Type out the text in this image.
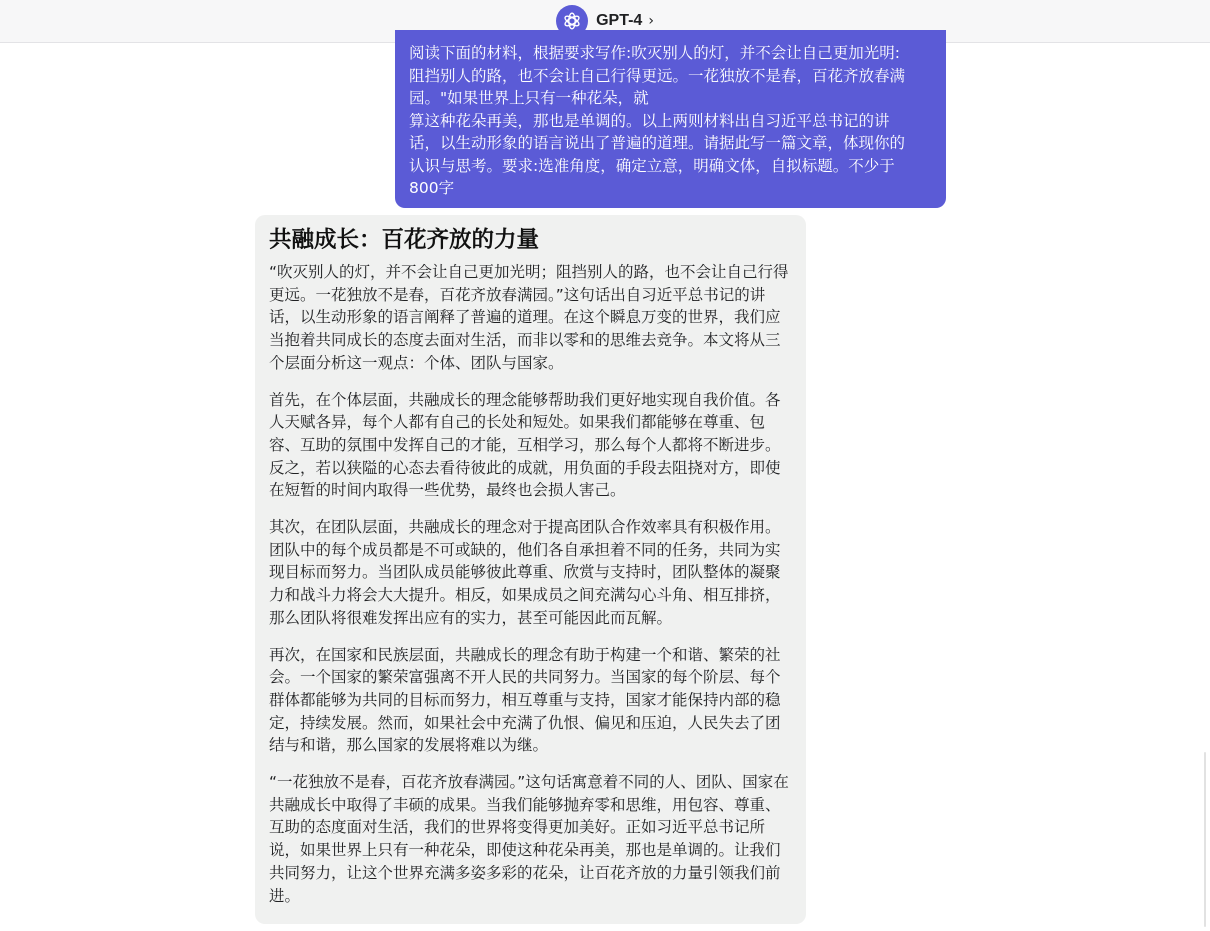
GPT-4 ›
阅读下面的材料，根据要求写作:吹灭别人的灯，并不会让自己更加光明:
阻挡别人的路，也不会让自己行得更远。一花独放不是春，百花齐放春满
园。"如果世界上只有一种花朵，就
算这种花朵再美，那也是单调的。以上两则材料出自习近平总书记的讲
话，以生动形象的语言说出了普遍的道理。请据此写一篇文章，体现你的
认识与思考。要求:选准角度，确定立意，明确文体，自拟标题。不少于
800字
共融成长：百花齐放的力量

“吹灭别人的灯，并不会让自己更加光明；阻挡别人的路，也不会让自己行得更远。一花独放不是春，百花齐放春满园。”这句话出自习近平总书记的讲话，以生动形象的语言阐释了普遍的道理。在这个瞬息万变的世界，我们应当抱着共同成长的态度去面对生活，而非以零和的思维去竞争。本文将从三个层面分析这一观点：个体、团队与国家。

首先，在个体层面，共融成长的理念能够帮助我们更好地实现自我价值。各人天赋各异，每个人都有自己的长处和短处。如果我们都能够在尊重、包容、互助的氛围中发挥自己的才能，互相学习，那么每个人都将不断进步。反之，若以狭隘的心态去看待彼此的成就，用负面的手段去阻挠对方，即使在短暂的时间内取得一些优势，最终也会损人害己。

其次，在团队层面，共融成长的理念对于提高团队合作效率具有积极作用。团队中的每个成员都是不可或缺的，他们各自承担着不同的任务，共同为实现目标而努力。当团队成员能够彼此尊重、欣赏与支持时，团队整体的凝聚力和战斗力将会大大提升。相反，如果成员之间充满勾心斗角、相互排挤，那么团队将很难发挥出应有的实力，甚至可能因此而瓦解。

再次，在国家和民族层面，共融成长的理念有助于构建一个和谐、繁荣的社会。一个国家的繁荣富强离不开人民的共同努力。当国家的每个阶层、每个群体都能够为共同的目标而努力，相互尊重与支持，国家才能保持内部的稳定，持续发展。然而，如果社会中充满了仇恨、偏见和压迫，人民失去了团结与和谐，那么国家的发展将难以为继。

“一花独放不是春，百花齐放春满园。”这句话寓意着不同的人、团队、国家在共融成长中取得了丰硕的成果。当我们能够抛弃零和思维，用包容、尊重、互助的态度面对生活，我们的世界将变得更加美好。正如习近平总书记所说，如果世界上只有一种花朵，即使这种花朵再美，那也是单调的。让我们共同努力，让这个世界充满多姿多彩的花朵，让百花齐放的力量引领我们前进。
